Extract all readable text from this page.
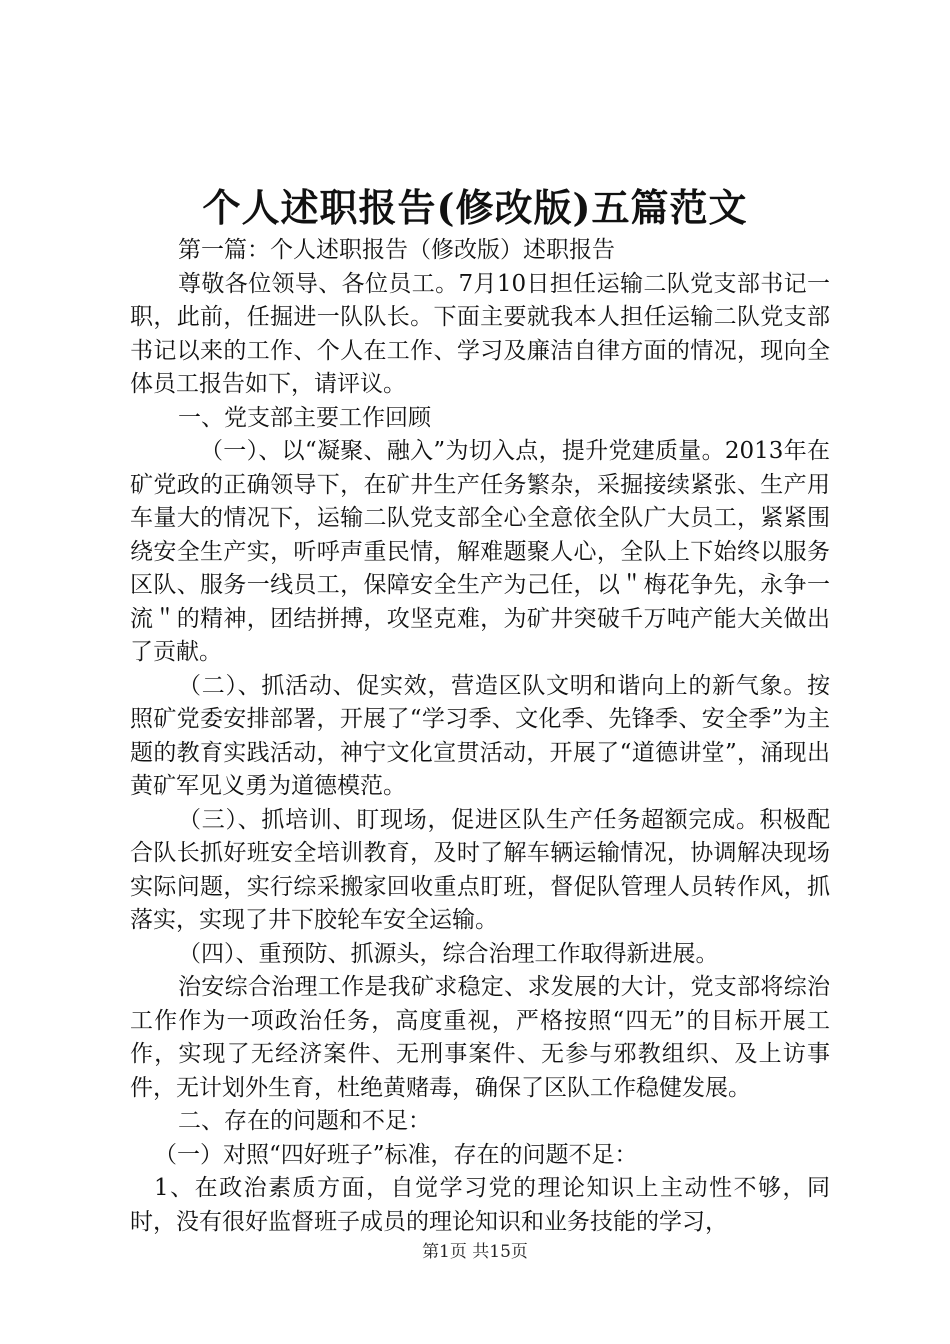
个人述职报告(修改版)五篇范文

第一篇：个人述职报告（修改版）述职报告

尊敬各位领导、各位员工。7月10日担任运输二队党支部书记一职，此前，任掘进一队队长。下面主要就我本人担任运输二队党支部书记以来的工作、个人在工作、学习及廉洁自律方面的情况，现向全体员工报告如下，请评议。

一、党支部主要工作回顾

（一）、以“凝聚、融入”为切入点，提升党建质量。2013年在矿党政的正确领导下，在矿井生产任务繁杂，采掘接续紧张、生产用车量大的情况下，运输二队党支部全心全意依全队广大员工，紧紧围绕安全生产实，听呼声重民情，解难题聚人心，全队上下始终以服务区队、服务一线员工，保障安全生产为己任，以＂梅花争先，永争一流＂的精神，团结拼搏，攻坚克难，为矿井突破千万吨产能大关做出了贡献。

（二）、抓活动、促实效，营造区队文明和谐向上的新气象。按照矿党委安排部署，开展了“学习季、文化季、先锋季、安全季”为主题的教育实践活动，神宁文化宣贯活动，开展了“道德讲堂”，涌现出黄矿军见义勇为道德模范。

（三）、抓培训、盯现场，促进区队生产任务超额完成。积极配合队长抓好班安全培训教育，及时了解车辆运输情况，协调解决现场实际问题，实行综采搬家回收重点盯班，督促队管理人员转作风，抓落实，实现了井下胶轮车安全运输。

（四）、重预防、抓源头，综合治理工作取得新进展。

治安综合治理工作是我矿求稳定、求发展的大计，党支部将综治工作作为一项政治任务，高度重视，严格按照“四无”的目标开展工作，实现了无经济案件、无刑事案件、无参与邪教组织、及上访事件，无计划外生育，杜绝黄赌毒，确保了区队工作稳健发展。

二、存在的问题和不足：

（一）对照“四好班子”标准，存在的问题不足：

1、在政治素质方面，自觉学习党的理论知识上主动性不够，同时，没有很好监督班子成员的理论知识和业务技能的学习，

第1页 共15页
